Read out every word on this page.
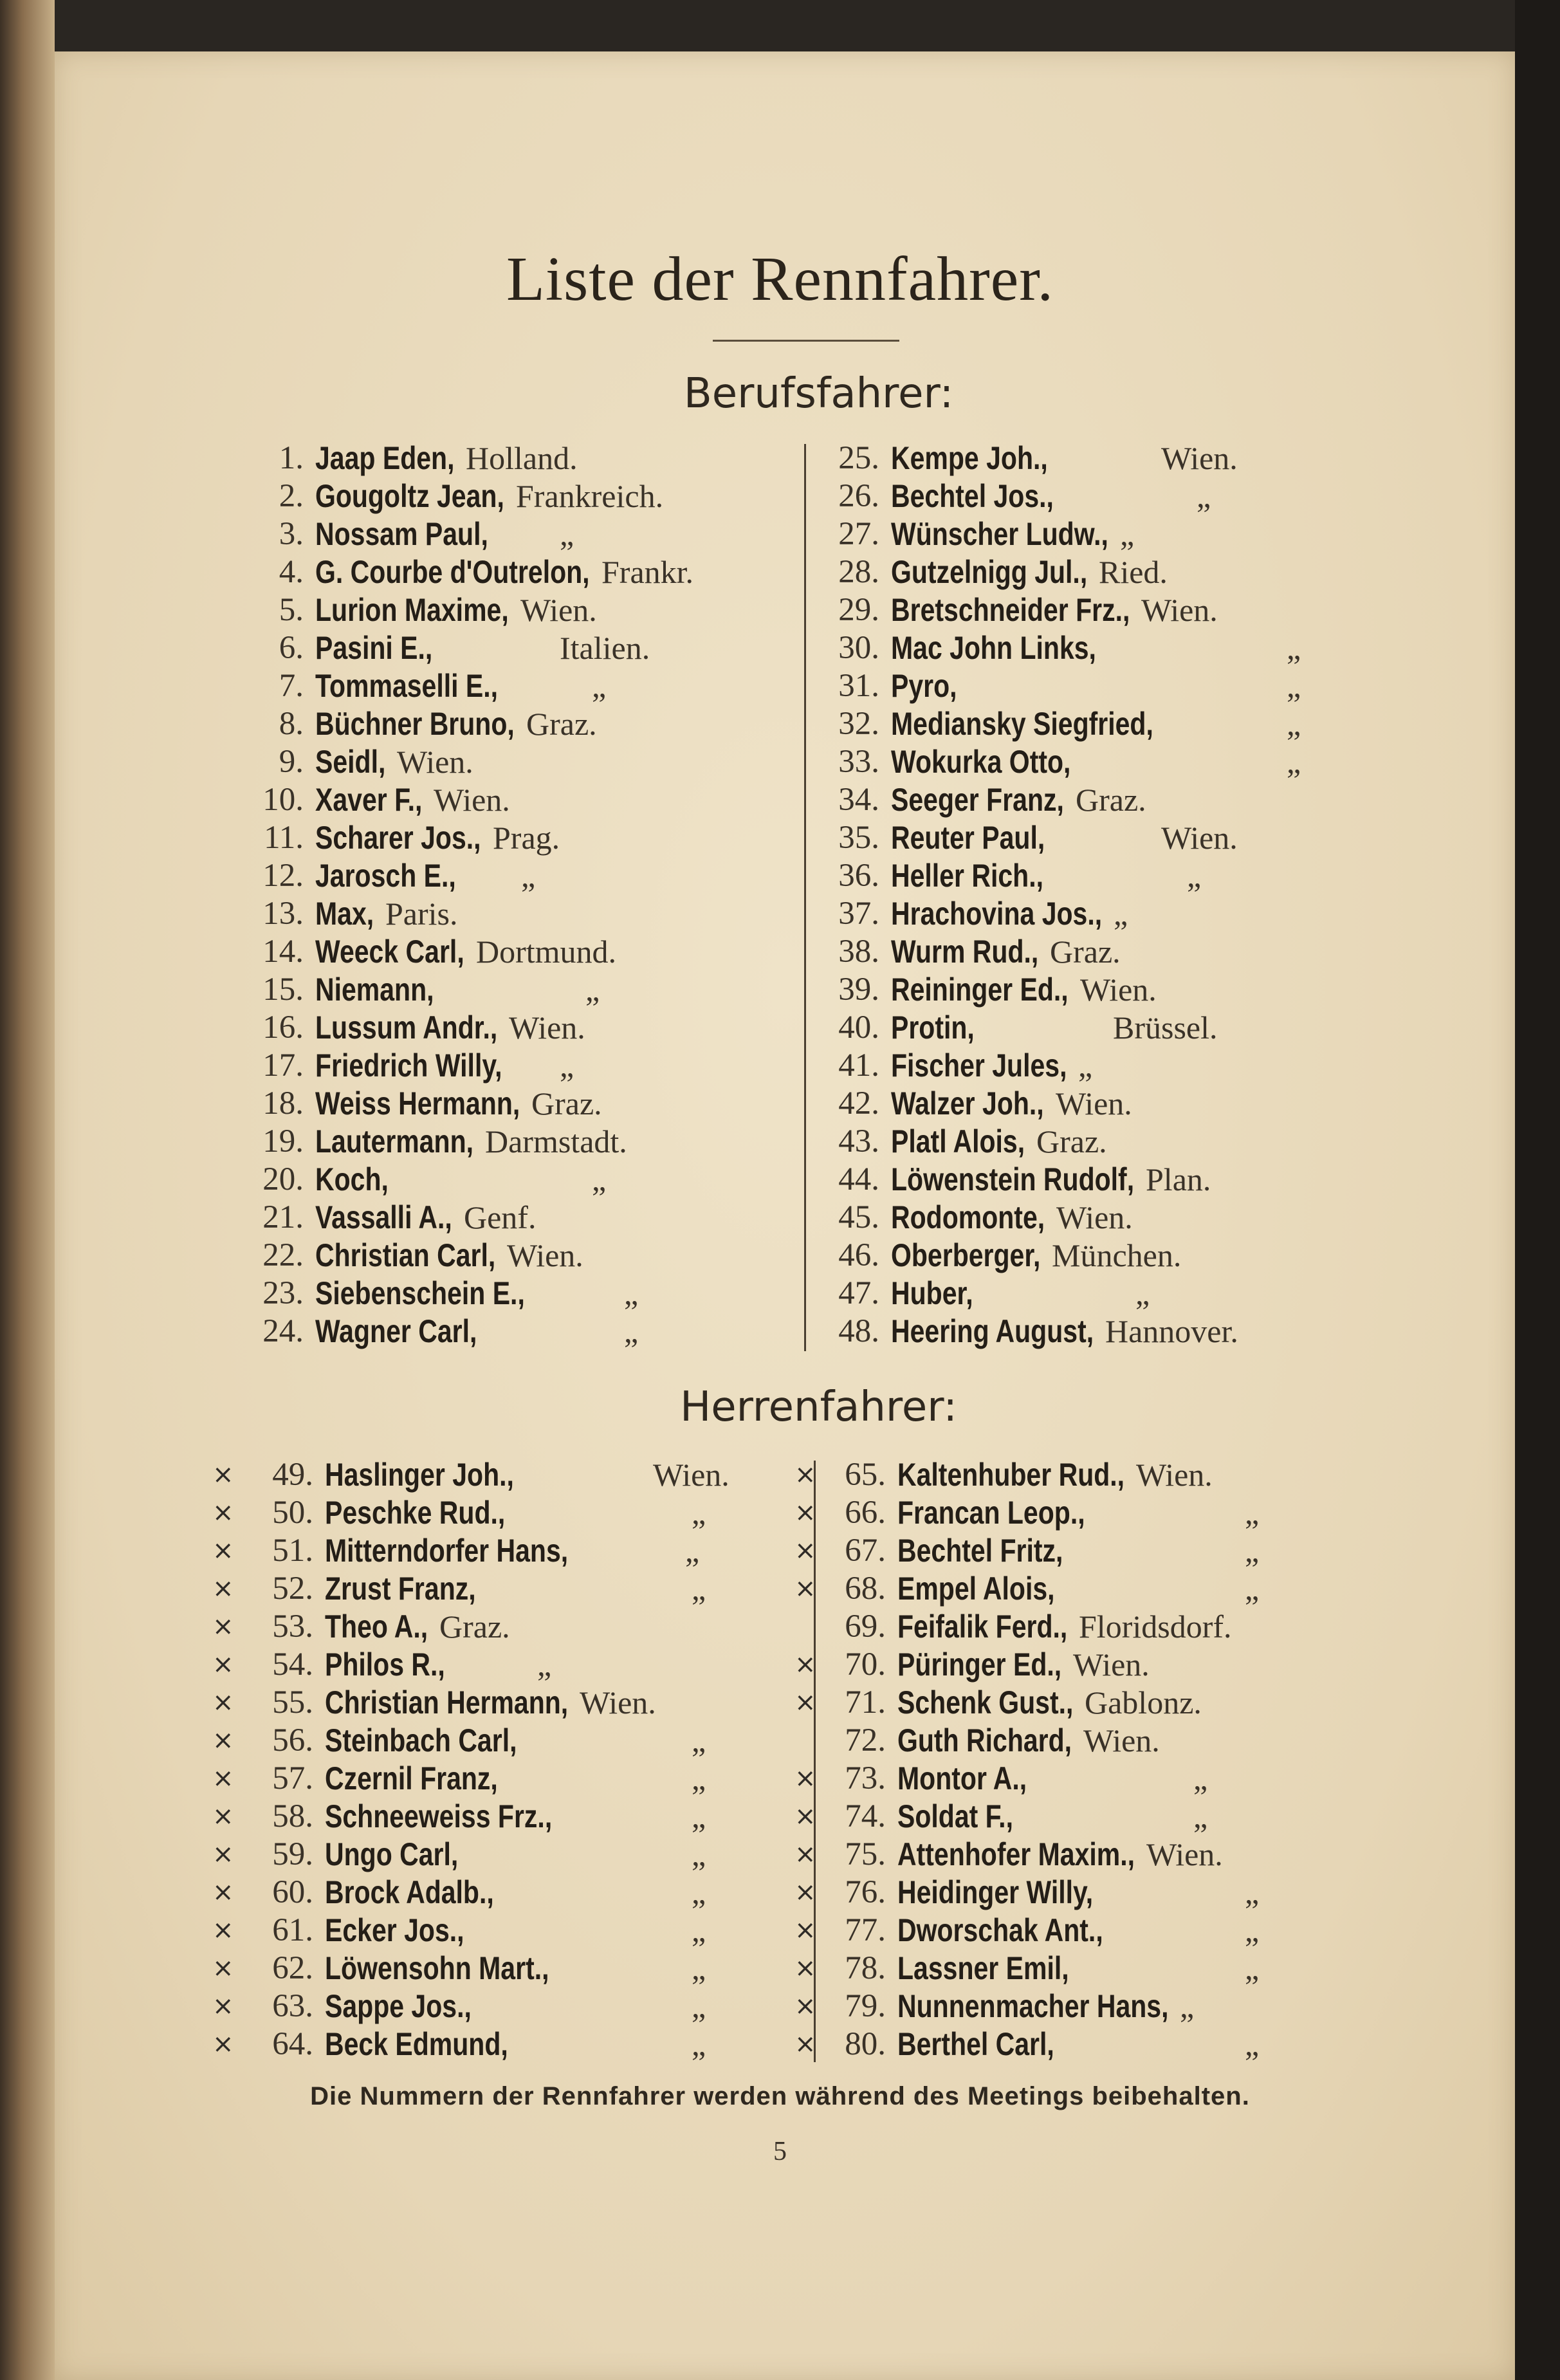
Liste der Rennfahrer.
Berufsfahrer:
1. Jaap Eden, Holland.
2. Gougoltz Jean, Frankreich.
3. Nossam Paul, „
4. G. Courbe d'Outrelon, Frankr.
5. Lurion Maxime, Wien.
6. Pasini E.,	Italien.
7. Tommaselli E.,	„
8. Büchner Bruno, Graz.
9. Seidl, Wien.
10. Xaver F., Wien.
11. Scharer Jos., Prag.
12. Jarosch E., „
13. Max, Paris.
14. Weeck Carl, Dortmund.
15. Niemann,	„
16. Lussum Andr., Wien.
17. Friedrich Willy, „
18. Weiss Hermann, Graz.
19. Lautermann, Darmstadt.
20. Koch,	„
21. Vassalli A., Genf.
22. Christian Carl, Wien.
23. Siebenschein E.,	„
24. Wagner Carl,	„
25. Kempe Joh.,	Wien.
26. Bechtel Jos.,	„
27. Wünscher Ludw., „
28. Gutzelnigg Jul., Ried.
29. Bretschneider Frz., Wien.
30. Mac John Links,	„
31. Pyro,	„
32. Mediansky Siegfried,	„
33. Wokurka Otto,	„
34. Seeger Franz, Graz.
35. Reuter Paul,	Wien.
36. Heller Rich.,	„
37. Hrachovina Jos., „
38. Wurm Rud., Graz.
39. Reininger Ed., Wien.
40. Protin,	Brüssel.
41. Fischer Jules, „
42. Walzer Joh., Wien.
43. Platl Alois, Graz.
44. Löwenstein Rudolf, Plan.
45. Rodomonte, Wien.
46. Oberberger, München.
47. Huber,	„
48. Heering August, Hannover.
Herrenfahrer:
× 49. Haslinger Joh.,	Wien.
× 50. Peschke Rud.,	„
× 51. Mitterndorfer Hans,	„
× 52. Zrust Franz,	„
× 53. Theo A., Graz.
× 54. Philos R.,	„
× 55. Christian Hermann, Wien.
× 56. Steinbach Carl,	„
× 57. Czernil Franz,	„
× 58. Schneeweiss Frz.,	„
× 59. Ungo Carl,	„
× 60. Brock Adalb.,	„
× 61. Ecker Jos.,	„
× 62. Löwensohn Mart.,	„
× 63. Sappe Jos.,	„
× 64. Beck Edmund,	„
× 65. Kaltenhuber Rud., Wien.
× 66. Francan Leop.,	„
× 67. Bechtel Fritz,	„
× 68. Empel Alois,	„
69. Feifalik Ferd., Floridsdorf.
× 70. Püringer Ed., Wien.
× 71. Schenk Gust., Gablonz.
72. Guth Richard, Wien.
× 73. Montor A.,	„
× 74. Soldat F.,	„
× 75. Attenhofer Maxim., Wien.
× 76. Heidinger Willy,	„
× 77. Dworschak Ant.,	„
× 78. Lassner Emil,	„
× 79. Nunnenmacher Hans, „
× 80. Berthel Carl,	„
Die Nummern der Rennfahrer werden während des Meetings beibehalten.
5
